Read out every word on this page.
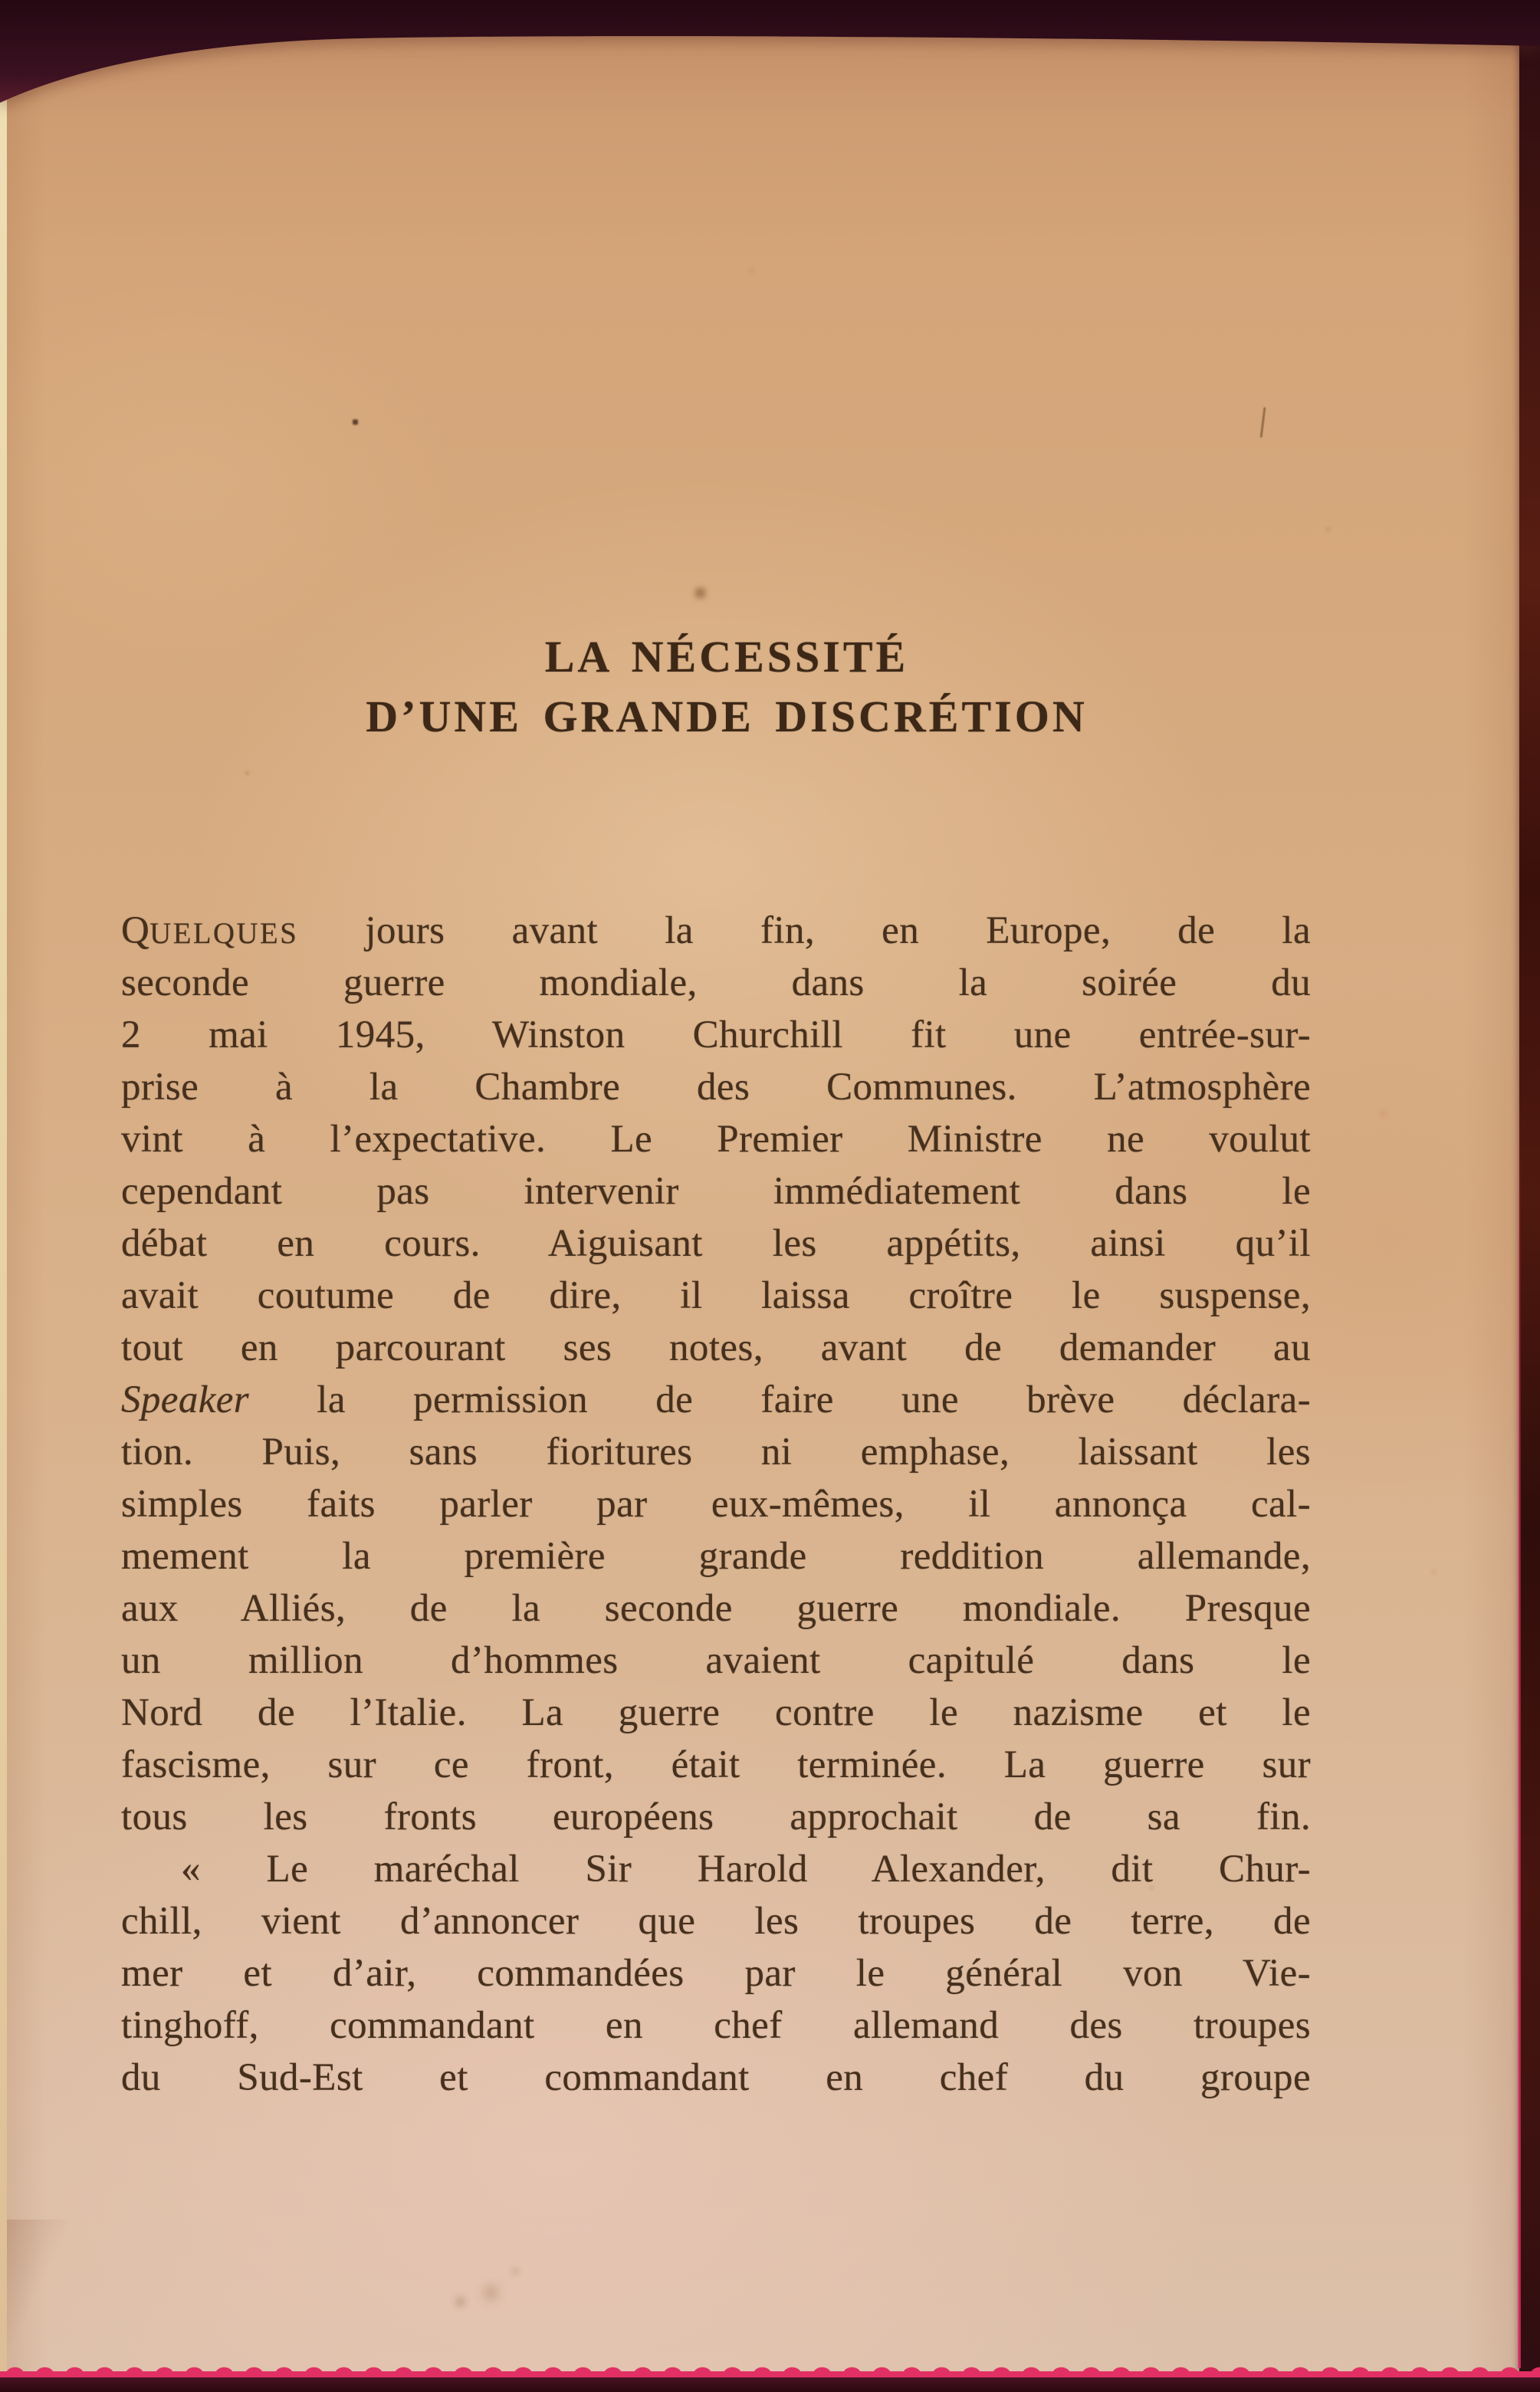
LA NÉCESSITÉ
D’UNE GRANDE DISCRÉTION
QUELQUES jours avant la fin, en Europe, de la
seconde guerre mondiale, dans la soirée du
2 mai 1945, Winston Churchill fit une entrée-sur-
prise à la Chambre des Communes. L’atmosphère
vint à l’expectative. Le Premier Ministre ne voulut
cependant pas intervenir immédiatement dans le
débat en cours. Aiguisant les appétits, ainsi qu’il
avait coutume de dire, il laissa croître le suspense,
tout en parcourant ses notes, avant de demander au
Speaker la permission de faire une brève déclara-
tion. Puis, sans fioritures ni emphase, laissant les
simples faits parler par eux-mêmes, il annonça cal-
mement la première grande reddition allemande,
aux Alliés, de la seconde guerre mondiale. Presque
un million d’hommes avaient capitulé dans le
Nord de l’Italie. La guerre contre le nazisme et le
fascisme, sur ce front, était terminée. La guerre sur
tous les fronts européens approchait de sa fin.
« Le maréchal Sir Harold Alexander, dit Chur-
chill, vient d’annoncer que les troupes de terre, de
mer et d’air, commandées par le général von Vie-
tinghoff, commandant en chef allemand des troupes
du Sud-Est et commandant en chef du groupe
